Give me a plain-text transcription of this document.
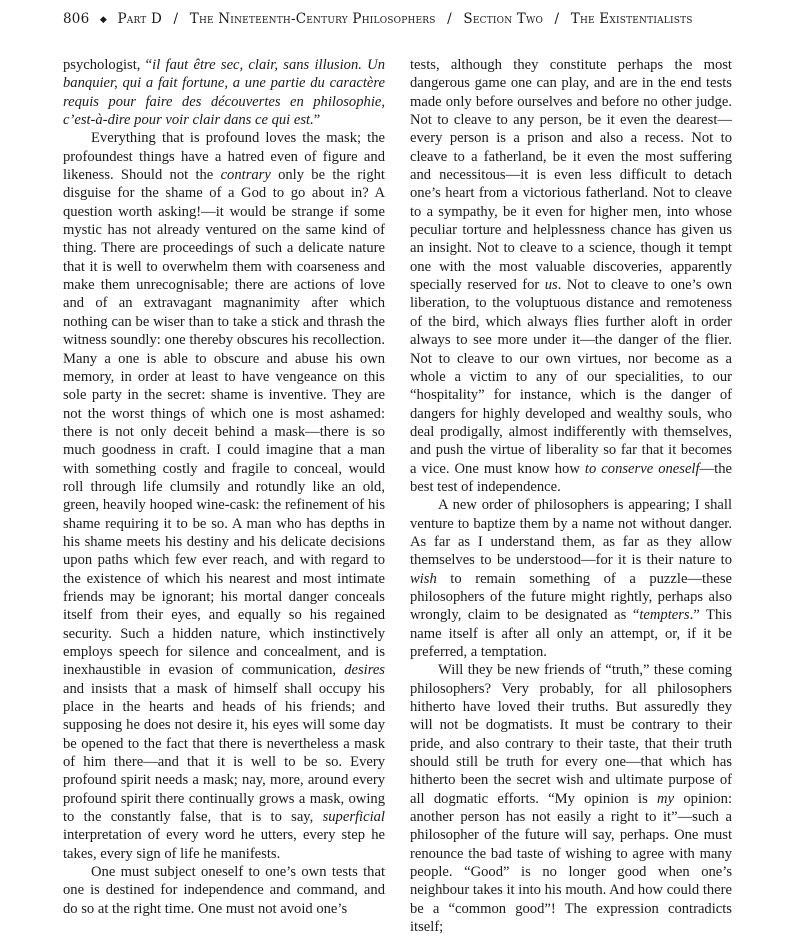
806 ◆ Part D / The Nineteenth-Century Philosophers / Section Two / The Existentialists

psychologist, “il faut être sec, clair, sans illusion. Un banquier, qui a fait fortune, a une partie du caractère requis pour faire des découvertes en philosophie, c’est-à-dire pour voir clair dans ce qui est.”

Everything that is profound loves the mask; the profoundest things have a hatred even of figure and likeness. Should not the contrary only be the right disguise for the shame of a God to go about in? A question worth asking!—it would be strange if some mystic has not already ventured on the same kind of thing. There are proceedings of such a delicate nature that it is well to overwhelm them with coarseness and make them unrecognisable; there are actions of love and of an extravagant magnanimity after which nothing can be wiser than to take a stick and thrash the witness soundly: one thereby obscures his recollection. Many a one is able to obscure and abuse his own memory, in order at least to have vengeance on this sole party in the secret: shame is inventive. They are not the worst things of which one is most ashamed: there is not only deceit behind a mask—there is so much goodness in craft. I could imagine that a man with something costly and fragile to conceal, would roll through life clumsily and rotundly like an old, green, heavily hooped wine-cask: the refinement of his shame requiring it to be so. A man who has depths in his shame meets his destiny and his delicate decisions upon paths which few ever reach, and with regard to the existence of which his nearest and most intimate friends may be ignorant; his mortal danger conceals itself from their eyes, and equally so his regained security. Such a hidden nature, which instinctively employs speech for silence and concealment, and is inexhaustible in evasion of communication, desires and insists that a mask of himself shall occupy his place in the hearts and heads of his friends; and supposing he does not desire it, his eyes will some day be opened to the fact that there is nevertheless a mask of him there—and that it is well to be so. Every profound spirit needs a mask; nay, more, around every profound spirit there continually grows a mask, owing to the constantly false, that is to say, superficial interpretation of every word he utters, every step he takes, every sign of life he manifests.

One must subject oneself to one’s own tests that one is destined for independence and command, and do so at the right time. One must not avoid one’s

tests, although they constitute perhaps the most dangerous game one can play, and are in the end tests made only before ourselves and before no other judge. Not to cleave to any person, be it even the dearest—every person is a prison and also a recess. Not to cleave to a fatherland, be it even the most suffering and necessitous—it is even less difficult to detach one’s heart from a victorious fatherland. Not to cleave to a sympathy, be it even for higher men, into whose peculiar torture and helplessness chance has given us an insight. Not to cleave to a science, though it tempt one with the most valuable discoveries, apparently specially reserved for us. Not to cleave to one’s own liberation, to the voluptuous distance and remoteness of the bird, which always flies further aloft in order always to see more under it—the danger of the flier. Not to cleave to our own virtues, nor become as a whole a victim to any of our specialities, to our “hospitality” for instance, which is the danger of dangers for highly developed and wealthy souls, who deal prodigally, almost indifferently with themselves, and push the virtue of liberality so far that it becomes a vice. One must know how to conserve oneself—the best test of independence.

A new order of philosophers is appearing; I shall venture to baptize them by a name not without danger. As far as I understand them, as far as they allow themselves to be understood—for it is their nature to wish to remain something of a puzzle—these philosophers of the future might rightly, perhaps also wrongly, claim to be designated as “tempters.” This name itself is after all only an attempt, or, if it be preferred, a temptation.

Will they be new friends of “truth,” these coming philosophers? Very probably, for all philosophers hitherto have loved their truths. But assuredly they will not be dogmatists. It must be contrary to their pride, and also contrary to their taste, that their truth should still be truth for every one—that which has hitherto been the secret wish and ultimate purpose of all dogmatic efforts. “My opinion is my opinion: another person has not easily a right to it”—such a philosopher of the future will say, perhaps. One must renounce the bad taste of wishing to agree with many people. “Good” is no longer good when one’s neighbour takes it into his mouth. And how could there be a “common good”! The expression contradicts itself;
